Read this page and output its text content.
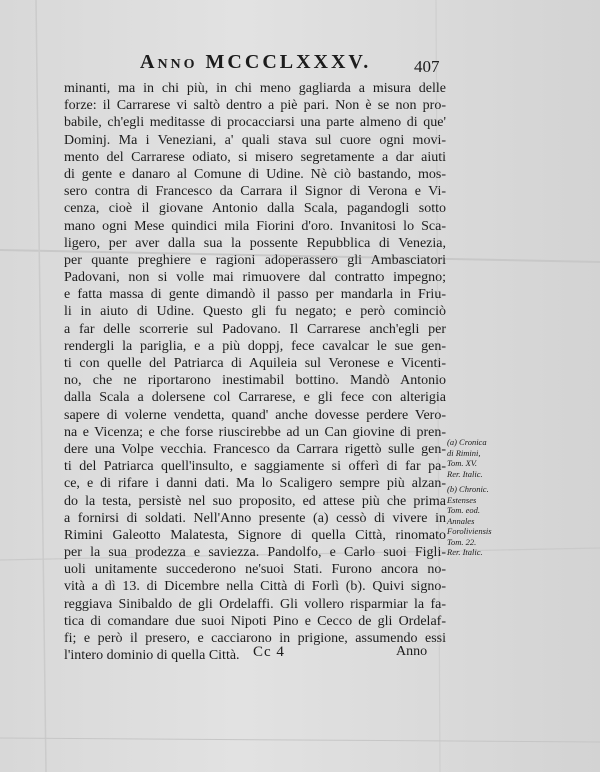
Anno MCCCLXXXV.	407
minanti, ma in chi più, in chi meno gagliarda a misura delle
forze: il Carrarese vi saltò dentro a piè pari. Non è se non pro-
babile, ch'egli meditasse di procacciarsi una parte almeno di que'
Dominj. Ma i Veneziani, a' quali stava sul cuore ogni movi-
mento del Carrarese odiato, si misero segretamente a dar aiuti
di gente e danaro al Comune di Udine. Nè ciò bastando, mos-
sero contra di Francesco da Carrara il Signor di Verona e Vi-
cenza, cioè il giovane Antonio dalla Scala, pagandogli sotto
mano ogni Mese quindici mila Fiorini d'oro. Invanitosi lo Sca-
ligero, per aver dalla sua la possente Repubblica di Venezia,
per quante preghiere e ragioni adoperassero gli Ambasciatori
Padovani, non si volle mai rimuovere dal contratto impegno;
e fatta massa di gente dimandò il passo per mandarla in Friu-
li in aiuto di Udine. Questo gli fu negato; e però cominciò
a far delle scorrerie sul Padovano. Il Carrarese anch'egli per
rendergli la pariglia, e a più doppj, fece cavalcar le sue gen-
ti con quelle del Patriarca di Aquileia sul Veronese e Vicenti-
no, che ne riportarono inestimabil bottino. Mandò Antonio
dalla Scala a dolersene col Carrarese, e gli fece con alterigia
sapere di volerne vendetta, quand' anche dovesse perdere Vero-
na e Vicenza; e che forse riuscirebbe ad un Can giovine di pren-
dere una Volpe vecchia. Francesco da Carrara rigettò sulle gen-
ti del Patriarca quell'insulto, e saggiamente si offerì di far pa-
ce, e di rifare i danni dati. Ma lo Scaligero sempre più alzan-
do la testa, persistè nel suo proposito, ed attese più che prima
a fornirsi di soldati. Nell'Anno presente (a) cessò di vivere in
Rimini Galeotto Malatesta, Signore di quella Città, rinomato
per la sua prodezza e saviezza. Pandolfo, e Carlo suoi Figli-
uoli unitamente succederono ne'suoi Stati. Furono ancora no-
vità a dì 13. di Dicembre nella Città di Forlì (b). Quivi signo-
reggiava Sinibaldo de gli Ordelaffi. Gli vollero risparmiar la fa-
tica di comandare due suoi Nipoti Pino e Cecco de gli Ordelaf-
fi; e però il presero, e cacciarono in prigione, assumendo essi
l'intero dominio di quella Città.
(a) Cronica
di Rimini,
Tom. XV.
Rer. Italic.
(b) Chronic.
Estenses
Tom. eod.
Annales
Foroliviensis
Tom. 22.
Rer. Italic.
Cc 4	Anno
